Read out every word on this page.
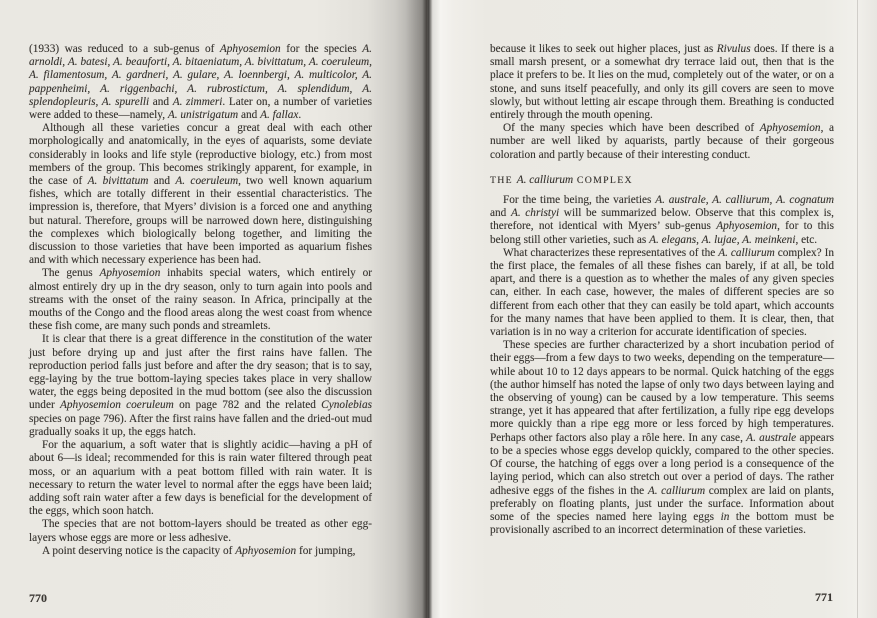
(1933) was reduced to a sub-genus of Aphyosemion for the species A. arnoldi, A. batesi, A. beauforti, A. bitaeniatum, A. bivittatum, A. coeruleum, A. filamentosum, A. gardneri, A. gulare, A. loennbergi, A. multicolor, A. pappenheimi, A. riggenbachi, A. rubrostictum, A. splendidum, A. splendopleuris, A. spurelli and A. zimmeri. Later on, a number of varieties were added to these—namely, A. unistrigatum and A. fallax.

Although all these varieties concur a great deal with each other morphologically and anatomically, in the eyes of aquarists, some deviate considerably in looks and life style (reproductive biology, etc.) from most members of the group. This becomes strikingly apparent, for example, in the case of A. bivittatum and A. coeruleum, two well known aquarium fishes, which are totally different in their essential characteristics. The impression is, therefore, that Myers’ division is a forced one and anything but natural. Therefore, groups will be narrowed down here, distinguishing the complexes which biologically belong together, and limiting the discussion to those varieties that have been imported as aquarium fishes and with which necessary experience has been had.

The genus Aphyosemion inhabits special waters, which entirely or almost entirely dry up in the dry season, only to turn again into pools and streams with the onset of the rainy season. In Africa, principally at the mouths of the Congo and the flood areas along the west coast from whence these fish come, are many such ponds and streamlets.

It is clear that there is a great difference in the constitution of the water just before drying up and just after the first rains have fallen. The reproduction period falls just before and after the dry season; that is to say, egg-laying by the true bottom-laying species takes place in very shallow water, the eggs being deposited in the mud bottom (see also the discussion under Aphyosemion coeruleum on page 782 and the related Cynolebias species on page 796). After the first rains have fallen and the dried-out mud gradually soaks it up, the eggs hatch.

For the aquarium, a soft water that is slightly acidic—having a pH of about 6—is ideal; recommended for this is rain water filtered through peat moss, or an aquarium with a peat bottom filled with rain water. It is necessary to return the water level to normal after the eggs have been laid; adding soft rain water after a few days is beneficial for the development of the eggs, which soon hatch.

The species that are not bottom-layers should be treated as other egg-layers whose eggs are more or less adhesive.

A point deserving notice is the capacity of Aphyosemion for jumping,

770

because it likes to seek out higher places, just as Rivulus does. If there is a small marsh present, or a somewhat dry terrace laid out, then that is the place it prefers to be. It lies on the mud, completely out of the water, or on a stone, and suns itself peacefully, and only its gill covers are seen to move slowly, but without letting air escape through them. Breathing is conducted entirely through the mouth opening.

Of the many species which have been described of Aphyosemion, a number are well liked by aquarists, partly because of their gorgeous coloration and partly because of their interesting conduct.

THE A. calliurum COMPLEX

For the time being, the varieties A. australe, A. calliurum, A. cognatum and A. christyi will be summarized below. Observe that this complex is, therefore, not identical with Myers’ sub-genus Aphyosemion, for to this belong still other varieties, such as A. elegans, A. lujae, A. meinkeni, etc.

What characterizes these representatives of the A. calliurum complex? In the first place, the females of all these fishes can barely, if at all, be told apart, and there is a question as to whether the males of any given species can, either. In each case, however, the males of different species are so different from each other that they can easily be told apart, which accounts for the many names that have been applied to them. It is clear, then, that variation is in no way a criterion for accurate identification of species.

These species are further characterized by a short incubation period of their eggs—from a few days to two weeks, depending on the temperature—while about 10 to 12 days appears to be normal. Quick hatching of the eggs (the author himself has noted the lapse of only two days between laying and the observing of young) can be caused by a low temperature. This seems strange, yet it has appeared that after fertilization, a fully ripe egg develops more quickly than a ripe egg more or less forced by high temperatures. Perhaps other factors also play a rôle here. In any case, A. australe appears to be a species whose eggs develop quickly, compared to the other species. Of course, the hatching of eggs over a long period is a consequence of the laying period, which can also stretch out over a period of days. The rather adhesive eggs of the fishes in the A. calliurum complex are laid on plants, preferably on floating plants, just under the surface. Information about some of the species named here laying eggs in the bottom must be provisionally ascribed to an incorrect determination of these varieties.

771
